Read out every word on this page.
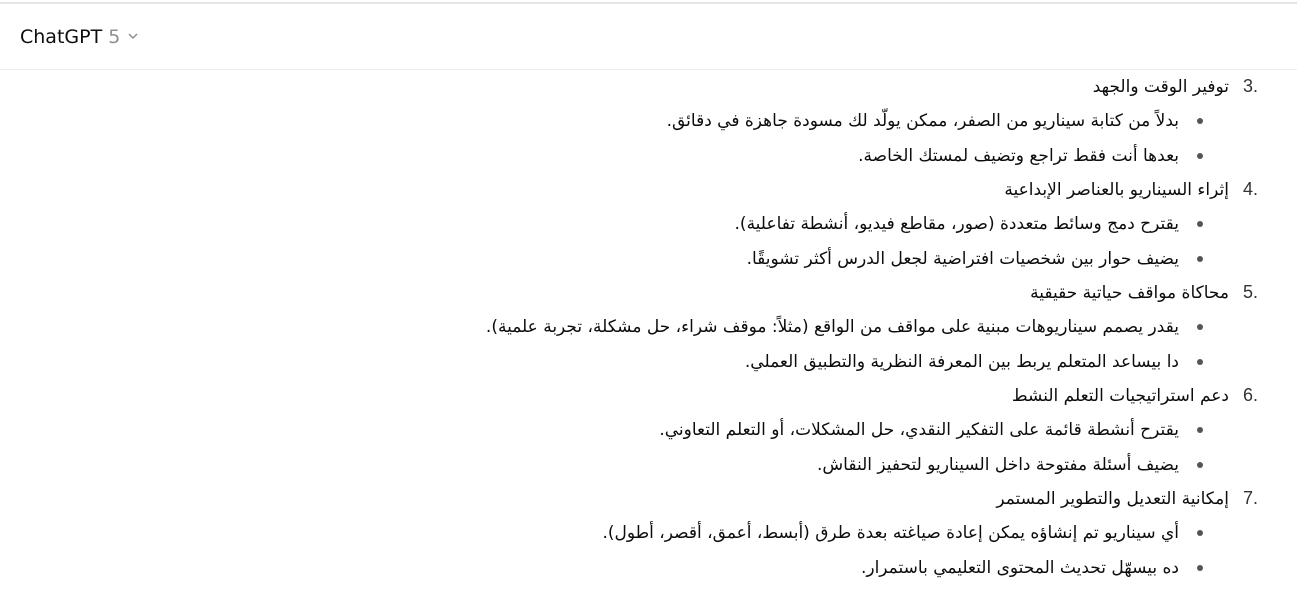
ChatGPT 5
3.
توفير الوقت والجهد
بدلاً من كتابة سيناريو من الصفر، ممكن يولّد لك مسودة جاهزة في دقائق.
بعدها أنت فقط تراجع وتضيف لمستك الخاصة.
4.
إثراء السيناريو بالعناصر الإبداعية
يقترح دمج وسائط متعددة (صور، مقاطع فيديو، أنشطة تفاعلية).
يضيف حوار بين شخصيات افتراضية لجعل الدرس أكثر تشويقًا.
5.
محاكاة مواقف حياتية حقيقية
يقدر يصمم سيناريوهات مبنية على مواقف من الواقع (مثلاً: موقف شراء، حل مشكلة، تجربة علمية).
دا بيساعد المتعلم يربط بين المعرفة النظرية والتطبيق العملي.
6.
دعم استراتيجيات التعلم النشط
يقترح أنشطة قائمة على التفكير النقدي، حل المشكلات، أو التعلم التعاوني.
يضيف أسئلة مفتوحة داخل السيناريو لتحفيز النقاش.
7.
إمكانية التعديل والتطوير المستمر
أي سيناريو تم إنشاؤه يمكن إعادة صياغته بعدة طرق (أبسط، أعمق، أقصر، أطول).
ده بيسهّل تحديث المحتوى التعليمي باستمرار.
